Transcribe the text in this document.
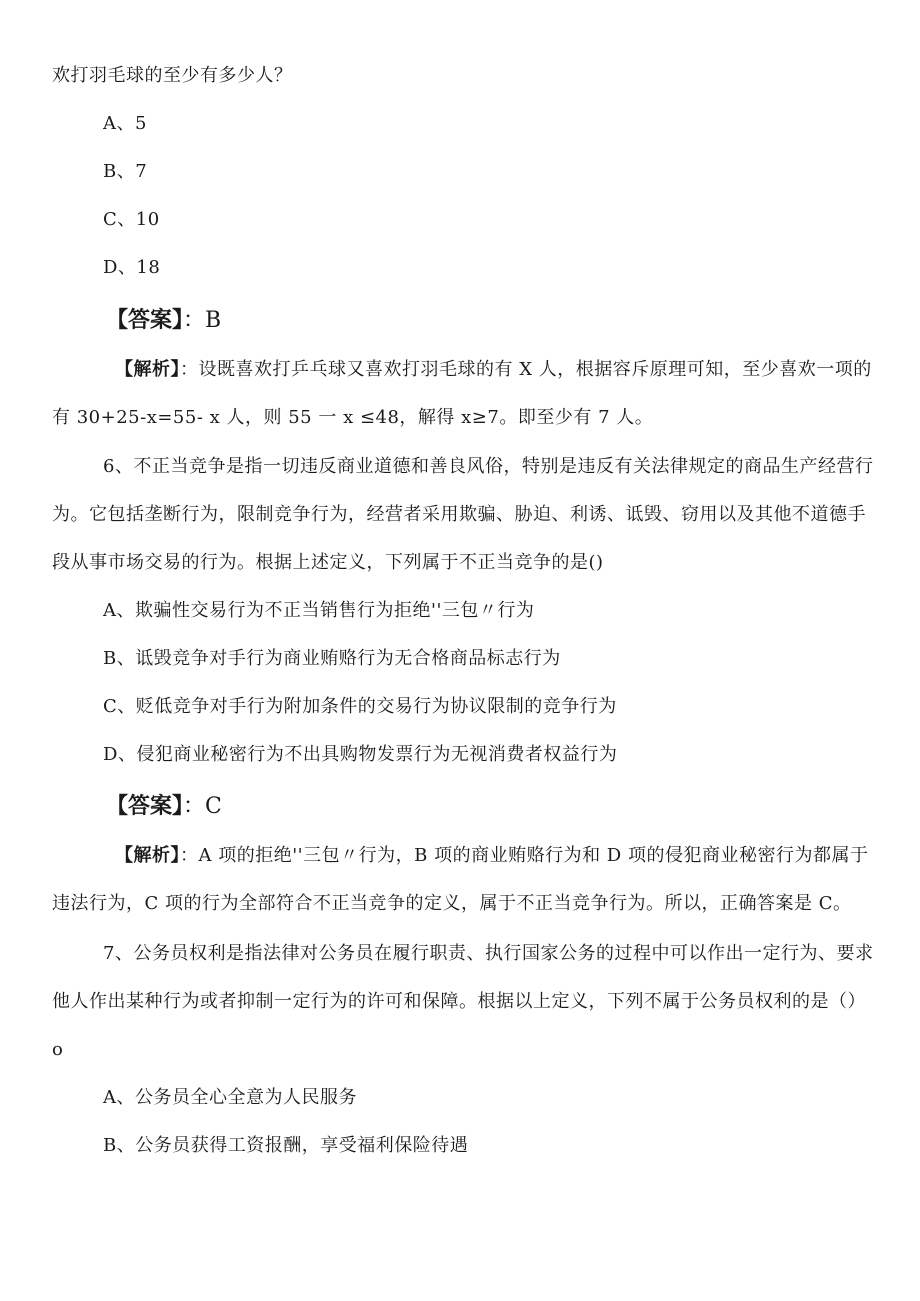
欢打羽毛球的至少有多少人？
A、5
B、7
C、10
D、18
【答案】：B
【解析】：设既喜欢打乒乓球又喜欢打羽毛球的有 X 人，根据容斥原理可知，至少喜欢一项的
有 30+25-x=55- x 人，则 55 一 x ≤48，解得 x≥7。即至少有 7 人。
6、不正当竞争是指一切违反商业道德和善良风俗，特别是违反有关法律规定的商品生产经营行
为。它包括垄断行为，限制竞争行为，经营者采用欺骗、胁迫、利诱、诋毁、窃用以及其他不道德手
段从事市场交易的行为。根据上述定义，下列属于不正当竞争的是()
A、欺骗性交易行为不正当销售行为拒绝''三包〃行为
B、诋毁竞争对手行为商业贿赂行为无合格商品标志行为
C、贬低竞争对手行为附加条件的交易行为协议限制的竞争行为
D、侵犯商业秘密行为不出具购物发票行为无视消费者权益行为
【答案】：C
【解析】：A 项的拒绝''三包〃行为，B 项的商业贿赂行为和 D 项的侵犯商业秘密行为都属于
违法行为，C 项的行为全部符合不正当竞争的定义，属于不正当竞争行为。所以，正确答案是 C。
7、公务员权利是指法律对公务员在履行职责、执行国家公务的过程中可以作出一定行为、要求
他人作出某种行为或者抑制一定行为的许可和保障。根据以上定义，下列不属于公务员权利的是（）
o
A、公务员全心全意为人民服务
B、公务员获得工资报酬，享受福利保险待遇
